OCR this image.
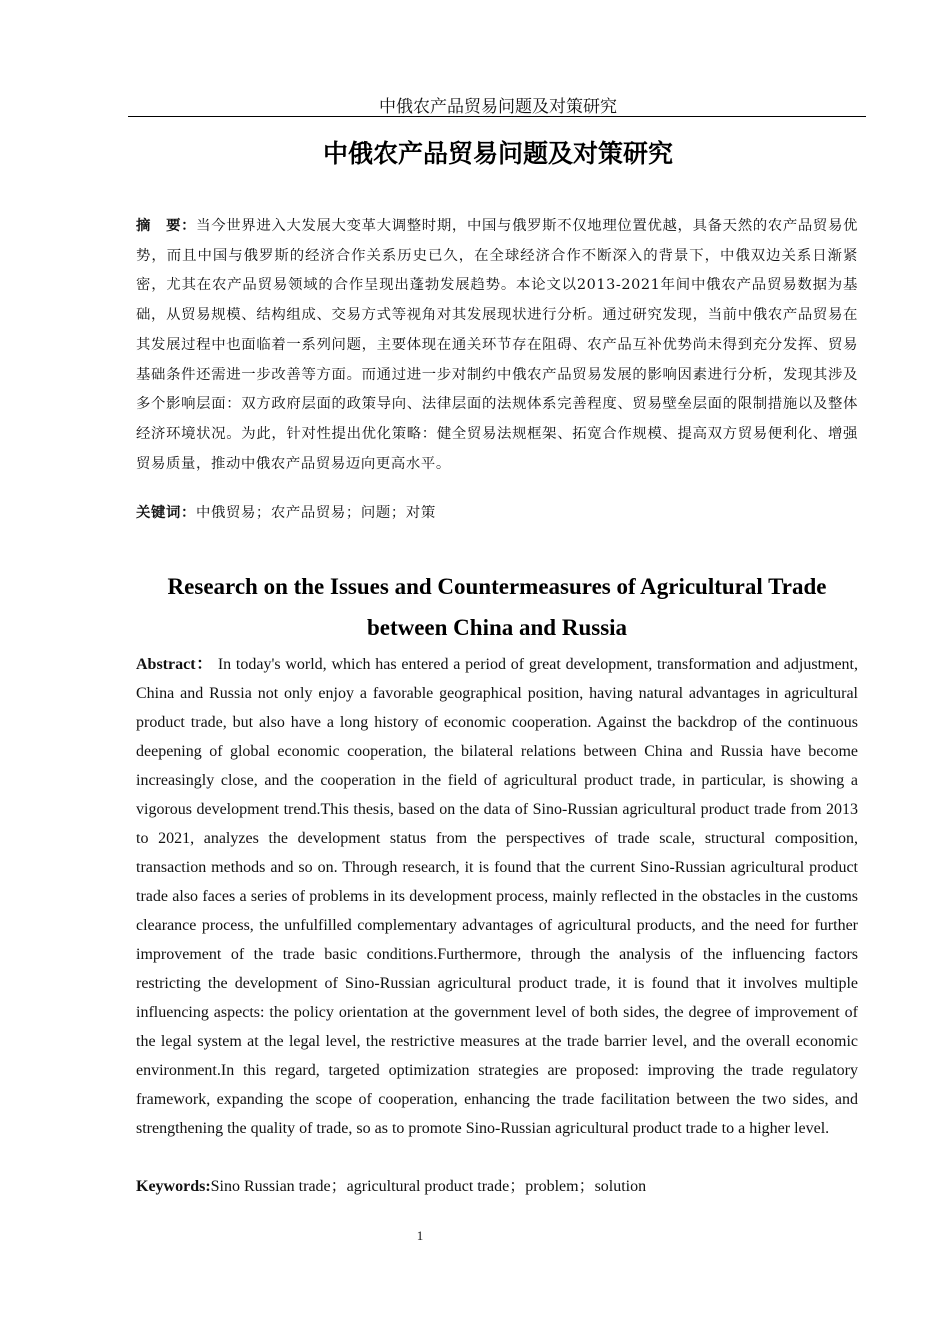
中俄农产品贸易问题及对策研究
中俄农产品贸易问题及对策研究
摘　要：当今世界进入大发展大变革大调整时期，中国与俄罗斯不仅地理位置优越，具备天然的农产品贸易优势，而且中国与俄罗斯的经济合作关系历史已久，在全球经济合作不断深入的背景下，中俄双边关系日渐紧密，尤其在农产品贸易领域的合作呈现出蓬勃发展趋势。本论文以2013-2021年间中俄农产品贸易数据为基础，从贸易规模、结构组成、交易方式等视角对其发展现状进行分析。通过研究发现，当前中俄农产品贸易在其发展过程中也面临着一系列问题，主要体现在通关环节存在阻碍、农产品互补优势尚未得到充分发挥、贸易基础条件还需进一步改善等方面。而通过进一步对制约中俄农产品贸易发展的影响因素进行分析，发现其涉及多个影响层面：双方政府层面的政策导向、法律层面的法规体系完善程度、贸易壁垒层面的限制措施以及整体经济环境状况。为此，针对性提出优化策略：健全贸易法规框架、拓宽合作规模、提高双方贸易便利化、增强贸易质量，推动中俄农产品贸易迈向更高水平。
关键词：中俄贸易；农产品贸易；问题；对策
Research on the Issues and Countermeasures of Agricultural Trade between China and Russia
Abstract： In today's world, which has entered a period of great development, transformation and adjustment, China and Russia not only enjoy a favorable geographical position, having natural advantages in agricultural product trade, but also have a long history of economic cooperation. Against the backdrop of the continuous deepening of global economic cooperation, the bilateral relations between China and Russia have become increasingly close, and the cooperation in the field of agricultural product trade, in particular, is showing a vigorous development trend.This thesis, based on the data of Sino-Russian agricultural product trade from 2013 to 2021, analyzes the development status from the perspectives of trade scale, structural composition, transaction methods and so on. Through research, it is found that the current Sino-Russian agricultural product trade also faces a series of problems in its development process, mainly reflected in the obstacles in the customs clearance process, the unfulfilled complementary advantages of agricultural products, and the need for further improvement of the trade basic conditions.Furthermore, through the analysis of the influencing factors restricting the development of Sino-Russian agricultural product trade, it is found that it involves multiple influencing aspects: the policy orientation at the government level of both sides, the degree of improvement of the legal system at the legal level, the restrictive measures at the trade barrier level, and the overall economic environment.In this regard, targeted optimization strategies are proposed: improving the trade regulatory framework, expanding the scope of cooperation, enhancing the trade facilitation between the two sides, and strengthening the quality of trade, so as to promote Sino-Russian agricultural product trade to a higher level.
Keywords:Sino Russian trade；agricultural product trade；problem；solution
1
